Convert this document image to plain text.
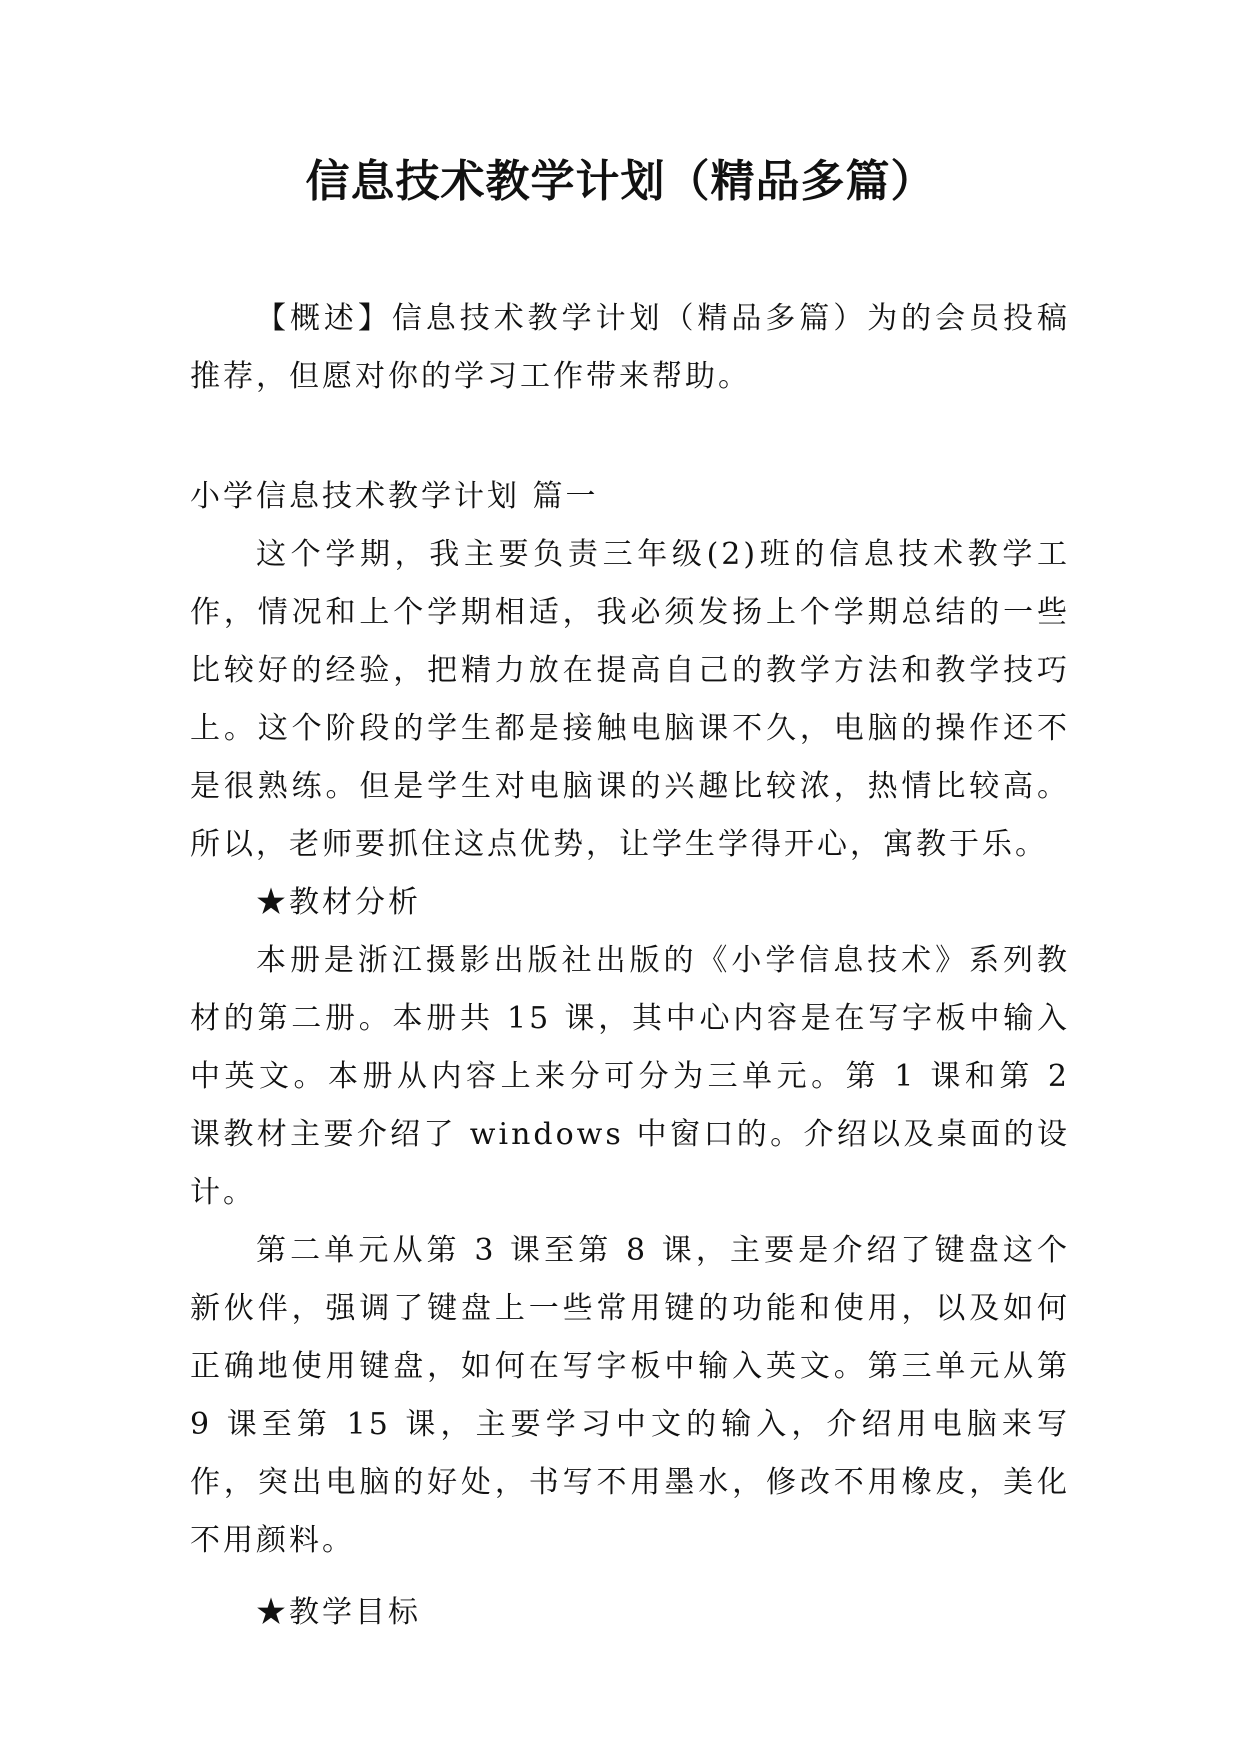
信息技术教学计划（精品多篇）

【概述】信息技术教学计划（精品多篇）为的会员投稿推荐，但愿对你的学习工作带来帮助。

小学信息技术教学计划 篇一

这个学期，我主要负责三年级(2)班的信息技术教学工作，情况和上个学期相适，我必须发扬上个学期总结的一些比较好的经验，把精力放在提高自己的教学方法和教学技巧上。这个阶段的学生都是接触电脑课不久，电脑的操作还不是很熟练。但是学生对电脑课的兴趣比较浓，热情比较高。所以，老师要抓住这点优势，让学生学得开心，寓教于乐。

★教材分析

本册是浙江摄影出版社出版的《小学信息技术》系列教材的第二册。本册共 15 课，其中心内容是在写字板中输入中英文。本册从内容上来分可分为三单元。第 1 课和第 2 课教材主要介绍了 windows 中窗口的。介绍以及桌面的设计。

第二单元从第 3 课至第 8 课，主要是介绍了键盘这个新伙伴，强调了键盘上一些常用键的功能和使用，以及如何正确地使用键盘，如何在写字板中输入英文。第三单元从第 9 课至第 15 课，主要学习中文的输入，介绍用电脑来写作，突出电脑的好处，书写不用墨水，修改不用橡皮，美化不用颜料。

★教学目标
